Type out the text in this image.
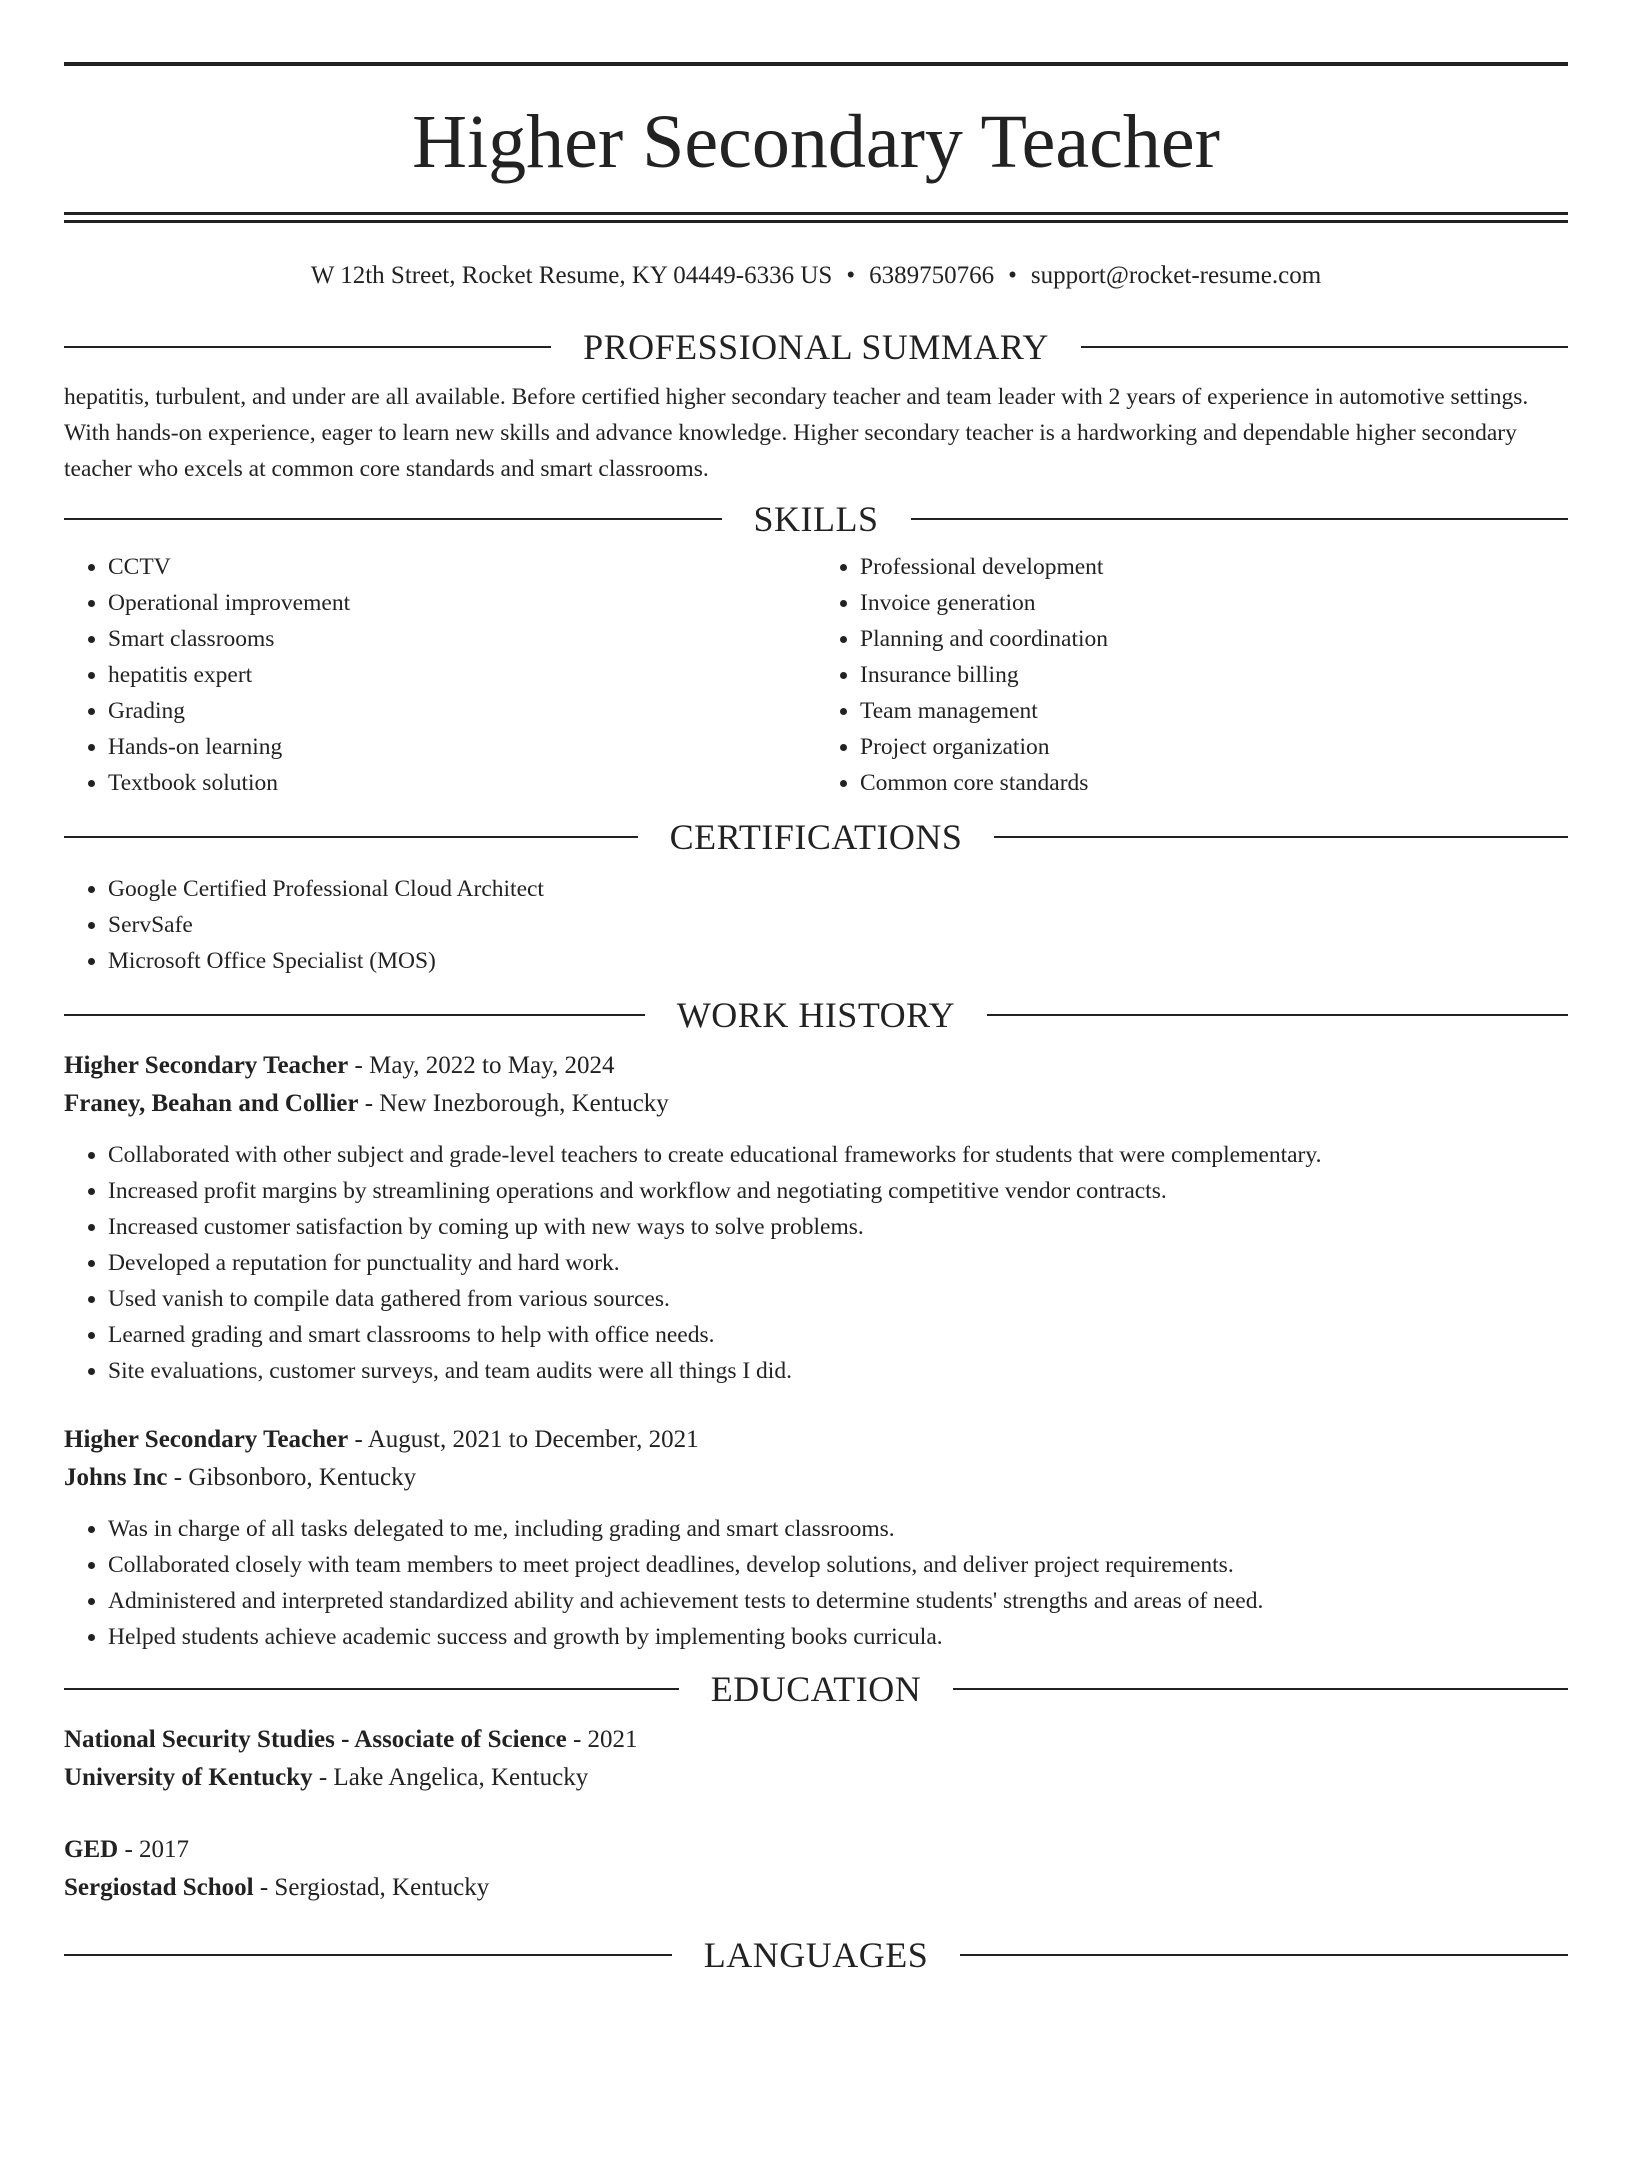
Higher Secondary Teacher
W 12th Street, Rocket Resume, KY 04449-6336 US • 6389750766 • support@rocket-resume.com
PROFESSIONAL SUMMARY

hepatitis, turbulent, and under are all available. Before certified higher secondary teacher and team leader with 2 years of experience in automotive settings. With hands-on experience, eager to learn new skills and advance knowledge. Higher secondary teacher is a hardworking and dependable higher secondary teacher who excels at common core standards and smart classrooms.

SKILLS
• CCTV
• Operational improvement
• Smart classrooms
• hepatitis expert
• Grading
• Hands-on learning
• Textbook solution
• Professional development
• Invoice generation
• Planning and coordination
• Insurance billing
• Team management
• Project organization
• Common core standards
CERTIFICATIONS
• Google Certified Professional Cloud Architect
• ServSafe
• Microsoft Office Specialist (MOS)
WORK HISTORY
Higher Secondary Teacher - May, 2022 to May, 2024
Franey, Beahan and Collier - New Inezborough, Kentucky
• Collaborated with other subject and grade-level teachers to create educational frameworks for students that were complementary.
• Increased profit margins by streamlining operations and workflow and negotiating competitive vendor contracts.
• Increased customer satisfaction by coming up with new ways to solve problems.
• Developed a reputation for punctuality and hard work.
• Used vanish to compile data gathered from various sources.
• Learned grading and smart classrooms to help with office needs.
• Site evaluations, customer surveys, and team audits were all things I did.
Higher Secondary Teacher - August, 2021 to December, 2021
Johns Inc - Gibsonboro, Kentucky
• Was in charge of all tasks delegated to me, including grading and smart classrooms.
• Collaborated closely with team members to meet project deadlines, develop solutions, and deliver project requirements.
• Administered and interpreted standardized ability and achievement tests to determine students' strengths and areas of need.
• Helped students achieve academic success and growth by implementing books curricula.
EDUCATION
National Security Studies - Associate of Science - 2021
University of Kentucky - Lake Angelica, Kentucky
GED - 2017
Sergiostad School - Sergiostad, Kentucky
LANGUAGES
